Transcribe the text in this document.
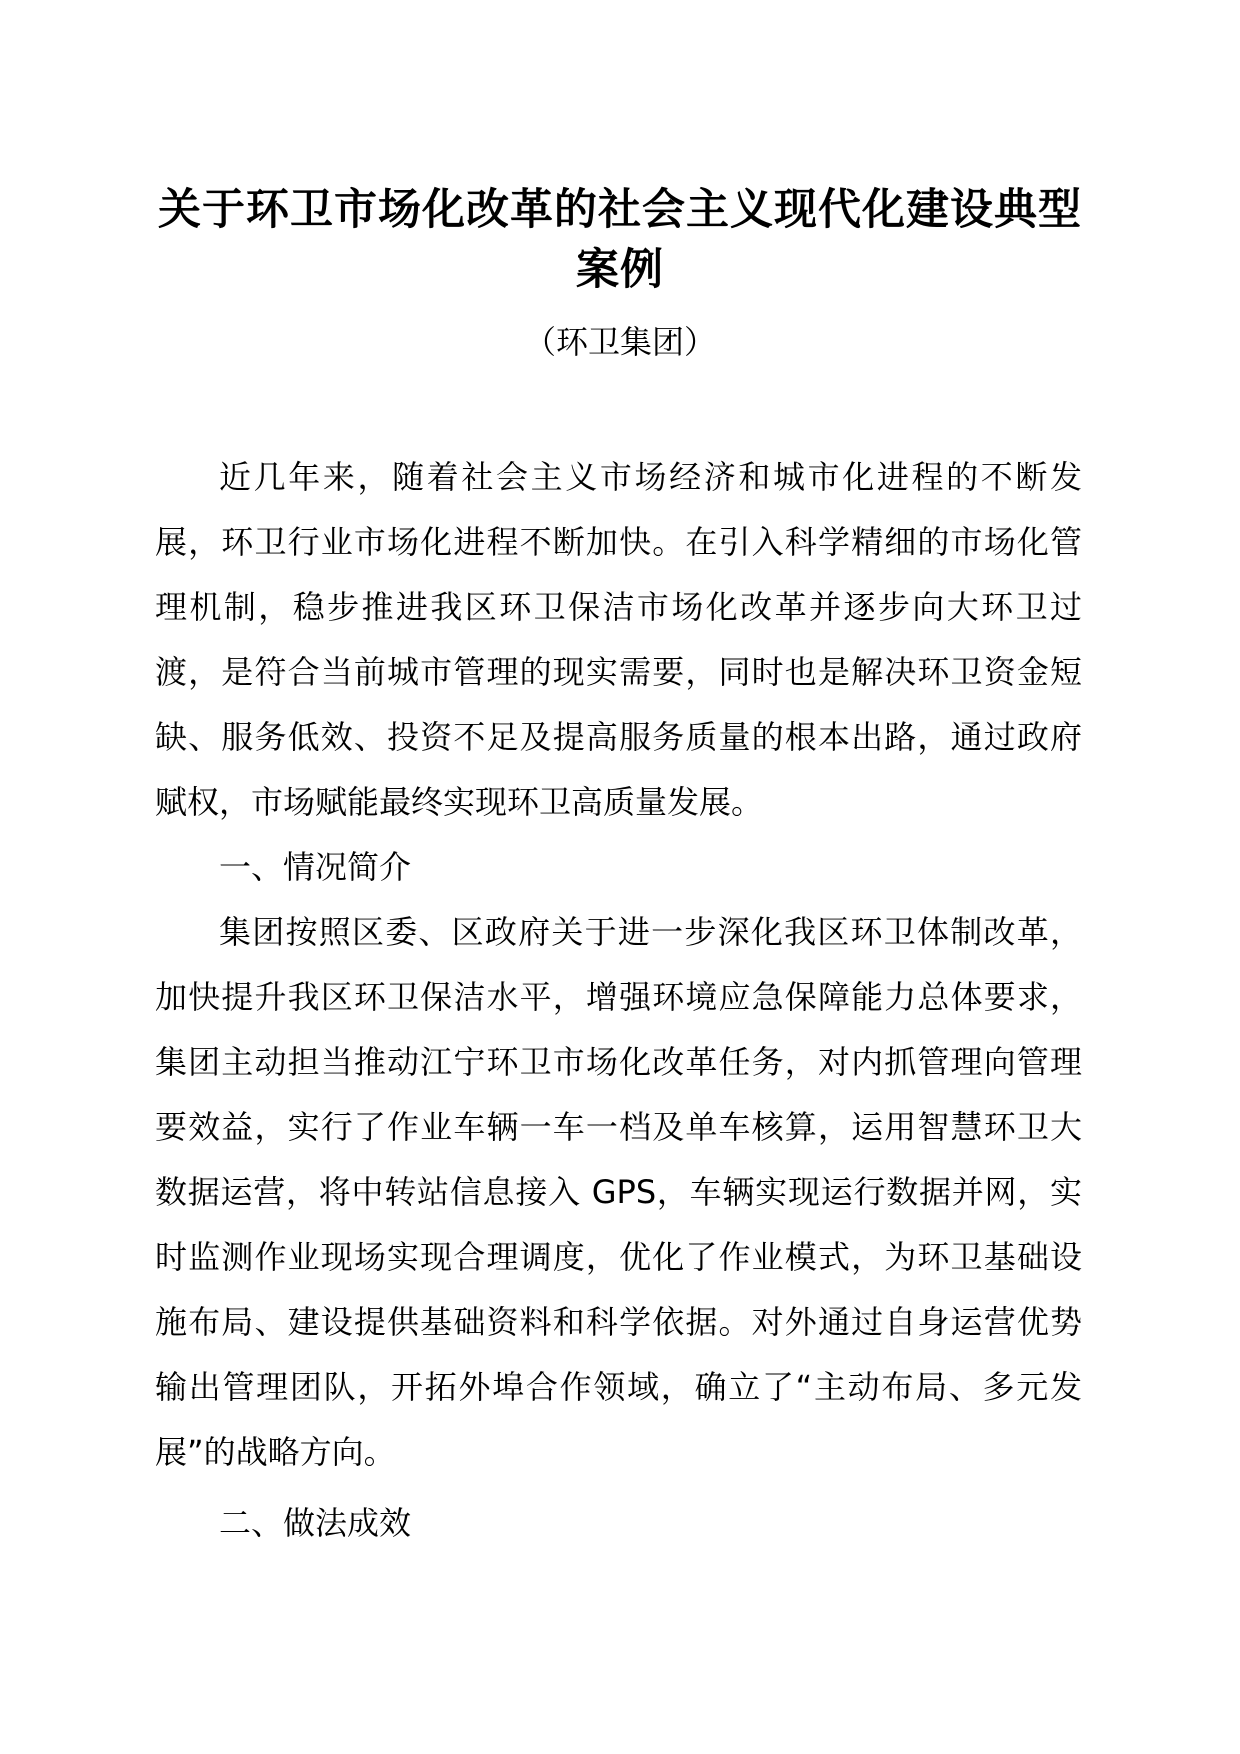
关于环卫市场化改革的社会主义现代化建设典型案例
（环卫集团）

近几年来，随着社会主义市场经济和城市化进程的不断发展，环卫行业市场化进程不断加快。在引入科学精细的市场化管理机制，稳步推进我区环卫保洁市场化改革并逐步向大环卫过渡，是符合当前城市管理的现实需要，同时也是解决环卫资金短缺、服务低效、投资不足及提高服务质量的根本出路，通过政府赋权，市场赋能最终实现环卫高质量发展。

一、情况简介

集团按照区委、区政府关于进一步深化我区环卫体制改革，加快提升我区环卫保洁水平，增强环境应急保障能力总体要求，集团主动担当推动江宁环卫市场化改革任务，对内抓管理向管理要效益，实行了作业车辆一车一档及单车核算，运用智慧环卫大数据运营，将中转站信息接入 GPS，车辆实现运行数据并网，实时监测作业现场实现合理调度，优化了作业模式，为环卫基础设施布局、建设提供基础资料和科学依据。对外通过自身运营优势输出管理团队，开拓外埠合作领域，确立了“主动布局、多元发展”的战略方向。

二、做法成效
